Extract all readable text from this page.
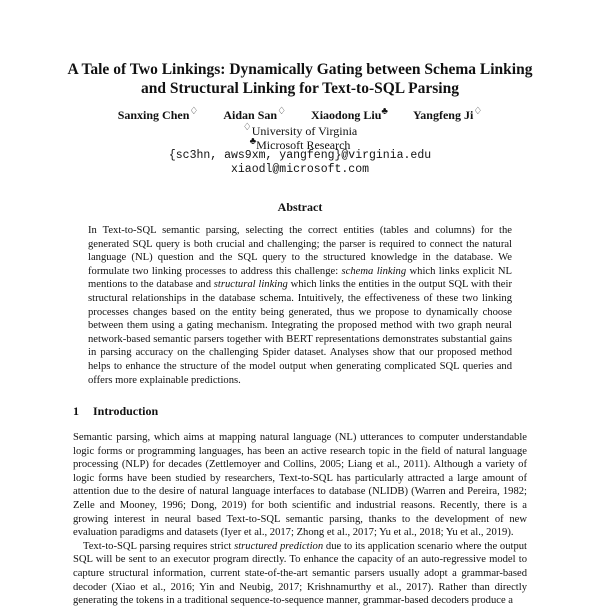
A Tale of Two Linkings: Dynamically Gating between Schema Linking
and Structural Linking for Text-to-SQL Parsing
Sanxing Chen♢ Aidan San♢ Xiaodong Liu♣ Yangfeng Ji♢
♢University of Virginia
♣Microsoft Research
{sc3hn, aws9xm, yangfeng}@virginia.edu
xiaodl@microsoft.com
Abstract
In Text-to-SQL semantic parsing, selecting the correct entities (tables and columns) for the generated SQL query is both crucial and challenging; the parser is required to connect the natural language (NL) question and the SQL query to the structured knowledge in the database. We formulate two linking processes to address this challenge: schema linking which links explicit NL mentions to the database and structural linking which links the entities in the output SQL with their structural relationships in the database schema. Intuitively, the effectiveness of these two linking processes changes based on the entity being generated, thus we propose to dynamically choose between them using a gating mechanism. Integrating the proposed method with two graph neural network-based semantic parsers together with BERT representations demonstrates substantial gains in parsing accuracy on the challenging Spider dataset. Analyses show that our proposed method helps to enhance the structure of the model output when generating complicated SQL queries and offers more explainable predictions.
1 Introduction

Semantic parsing, which aims at mapping natural language (NL) utterances to computer understandable logic forms or programming languages, has been an active research topic in the field of natural language processing (NLP) for decades (Zettlemoyer and Collins, 2005; Liang et al., 2011). Although a variety of logic forms have been studied by researchers, Text-to-SQL has particularly attracted a large amount of attention due to the desire of natural language interfaces to database (NLIDB) (Warren and Pereira, 1982; Zelle and Mooney, 1996; Dong, 2019) for both scientific and industrial reasons. Recently, there is a growing interest in neural based Text-to-SQL semantic parsing, thanks to the development of new evaluation paradigms and datasets (Iyer et al., 2017; Zhong et al., 2017; Yu et al., 2018; Yu et al., 2019).

Text-to-SQL parsing requires strict structured prediction due to its application scenario where the output SQL will be sent to an executor program directly. To enhance the capacity of an auto-regressive model to capture structural information, current state-of-the-art semantic parsers usually adopt a grammar-based decoder (Xiao et al., 2016; Yin and Neubig, 2017; Krishnamurthy et al., 2017). Rather than directly generating the tokens in a traditional sequence-to-sequence manner, grammar-based decoders produce a
